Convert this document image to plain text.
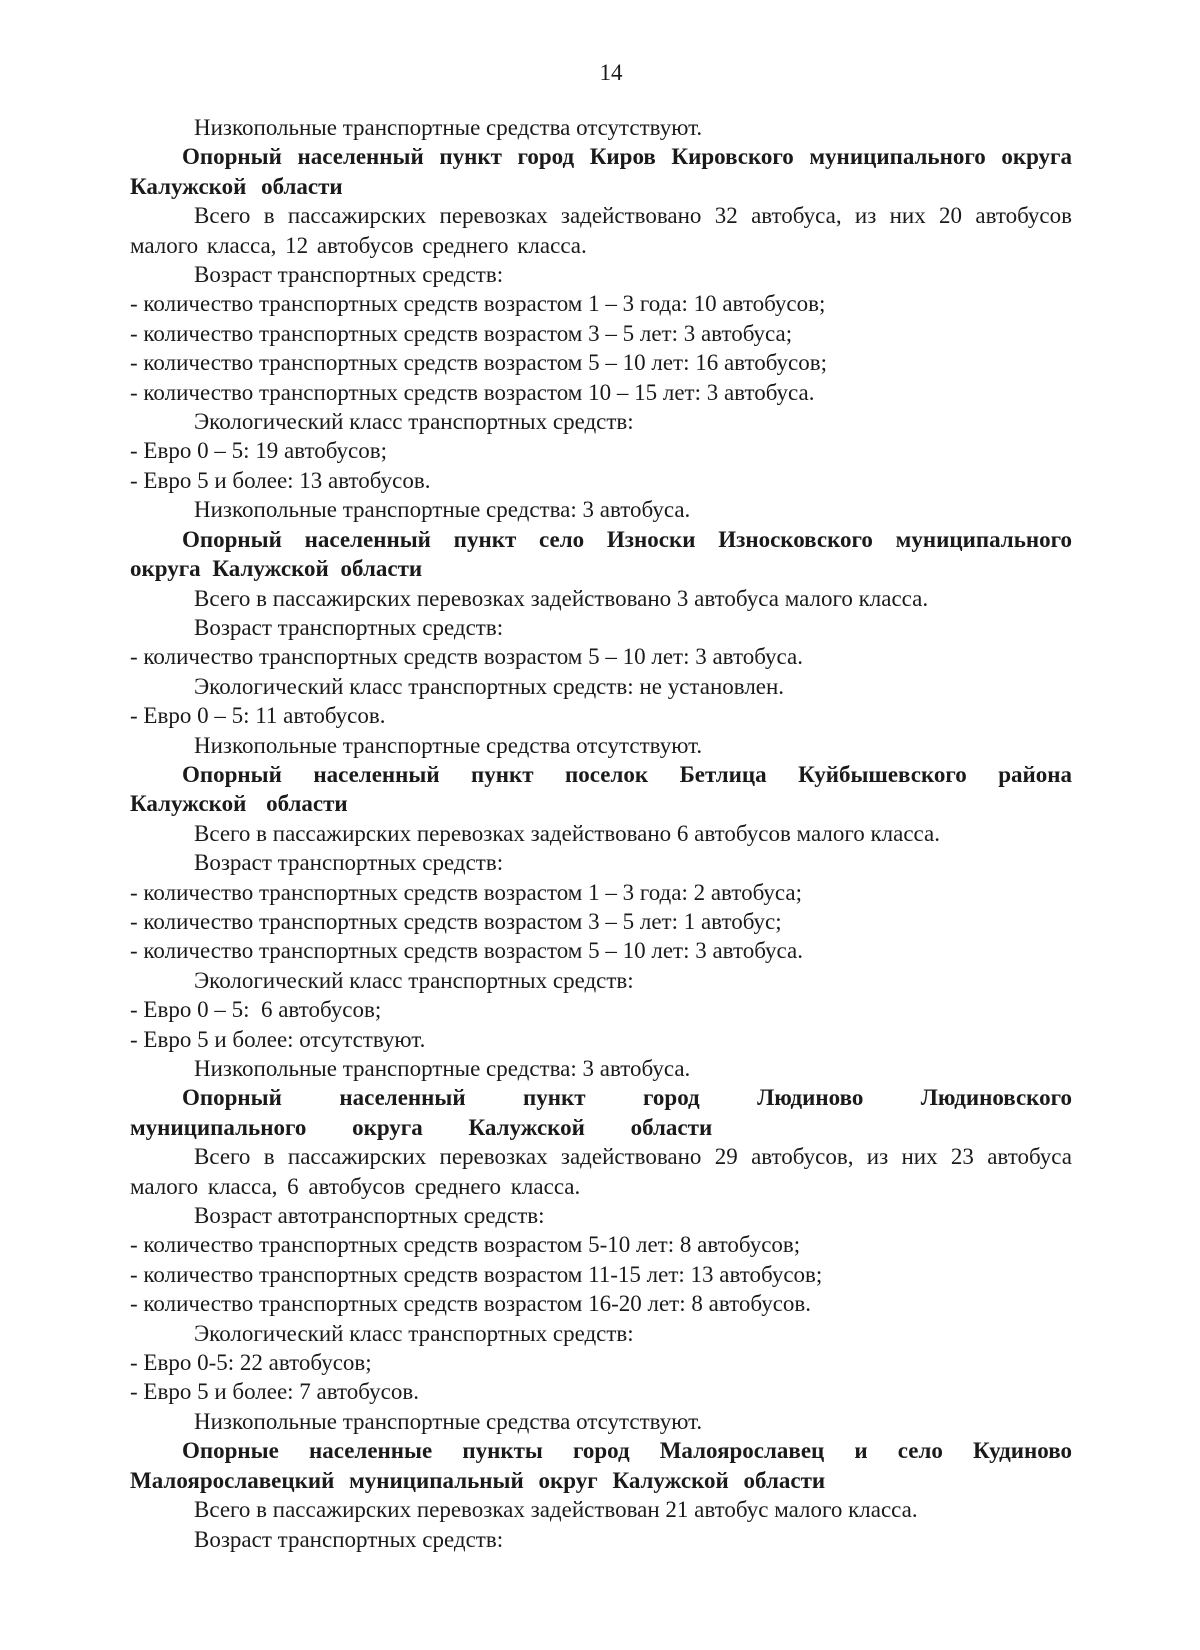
14

Низкопольные транспортные средства отсутствуют.

Опорный населенный пункт город Киров Кировского муниципального округа Калужской области

Всего в пассажирских перевозках задействовано 32 автобуса, из них 20 автобусов малого класса, 12 автобусов среднего класса.

Возраст транспортных средств:

- количество транспортных средств возрастом 1 – 3 года: 10 автобусов;

- количество транспортных средств возрастом 3 – 5 лет: 3 автобуса;

- количество транспортных средств возрастом 5 – 10 лет: 16 автобусов;

- количество транспортных средств возрастом 10 – 15 лет: 3 автобуса.

Экологический класс транспортных средств:

- Евро 0 – 5: 19 автобусов;

- Евро 5 и более: 13 автобусов.

Низкопольные транспортные средства: 3 автобуса.

Опорный населенный пункт село Износки Износковского муниципального округа Калужской области

Всего в пассажирских перевозках задействовано 3 автобуса малого класса.

Возраст транспортных средств:

- количество транспортных средств возрастом 5 – 10 лет: 3 автобуса.

Экологический класс транспортных средств: не установлен.

- Евро 0 – 5: 11 автобусов.

Низкопольные транспортные средства отсутствуют.

Опорный населенный пункт поселок Бетлица Куйбышевского района Калужской области

Всего в пассажирских перевозках задействовано 6 автобусов малого класса.

Возраст транспортных средств:

- количество транспортных средств возрастом 1 – 3 года: 2 автобуса;

- количество транспортных средств возрастом 3 – 5 лет: 1 автобус;

- количество транспортных средств возрастом 5 – 10 лет: 3 автобуса.

Экологический класс транспортных средств:

- Евро 0 – 5:  6 автобусов;

- Евро 5 и более: отсутствуют.

Низкопольные транспортные средства: 3 автобуса.

Опорный населенный пункт город Людиново Людиновского муниципального округа Калужской области

Всего в пассажирских перевозках задействовано 29 автобусов, из них 23 автобуса малого класса, 6 автобусов среднего класса.

Возраст автотранспортных средств:

- количество транспортных средств возрастом 5-10 лет: 8 автобусов;

- количество транспортных средств возрастом 11-15 лет: 13 автобусов;

- количество транспортных средств возрастом 16-20 лет: 8 автобусов.

Экологический класс транспортных средств:

- Евро 0-5: 22 автобусов;

- Евро 5 и более: 7 автобусов.

Низкопольные транспортные средства отсутствуют.

Опорные населенные пункты город Малоярославец и село Кудиново Малоярославецкий муниципальный округ Калужской области

Всего в пассажирских перевозках задействован 21 автобус малого класса.

Возраст транспортных средств:
